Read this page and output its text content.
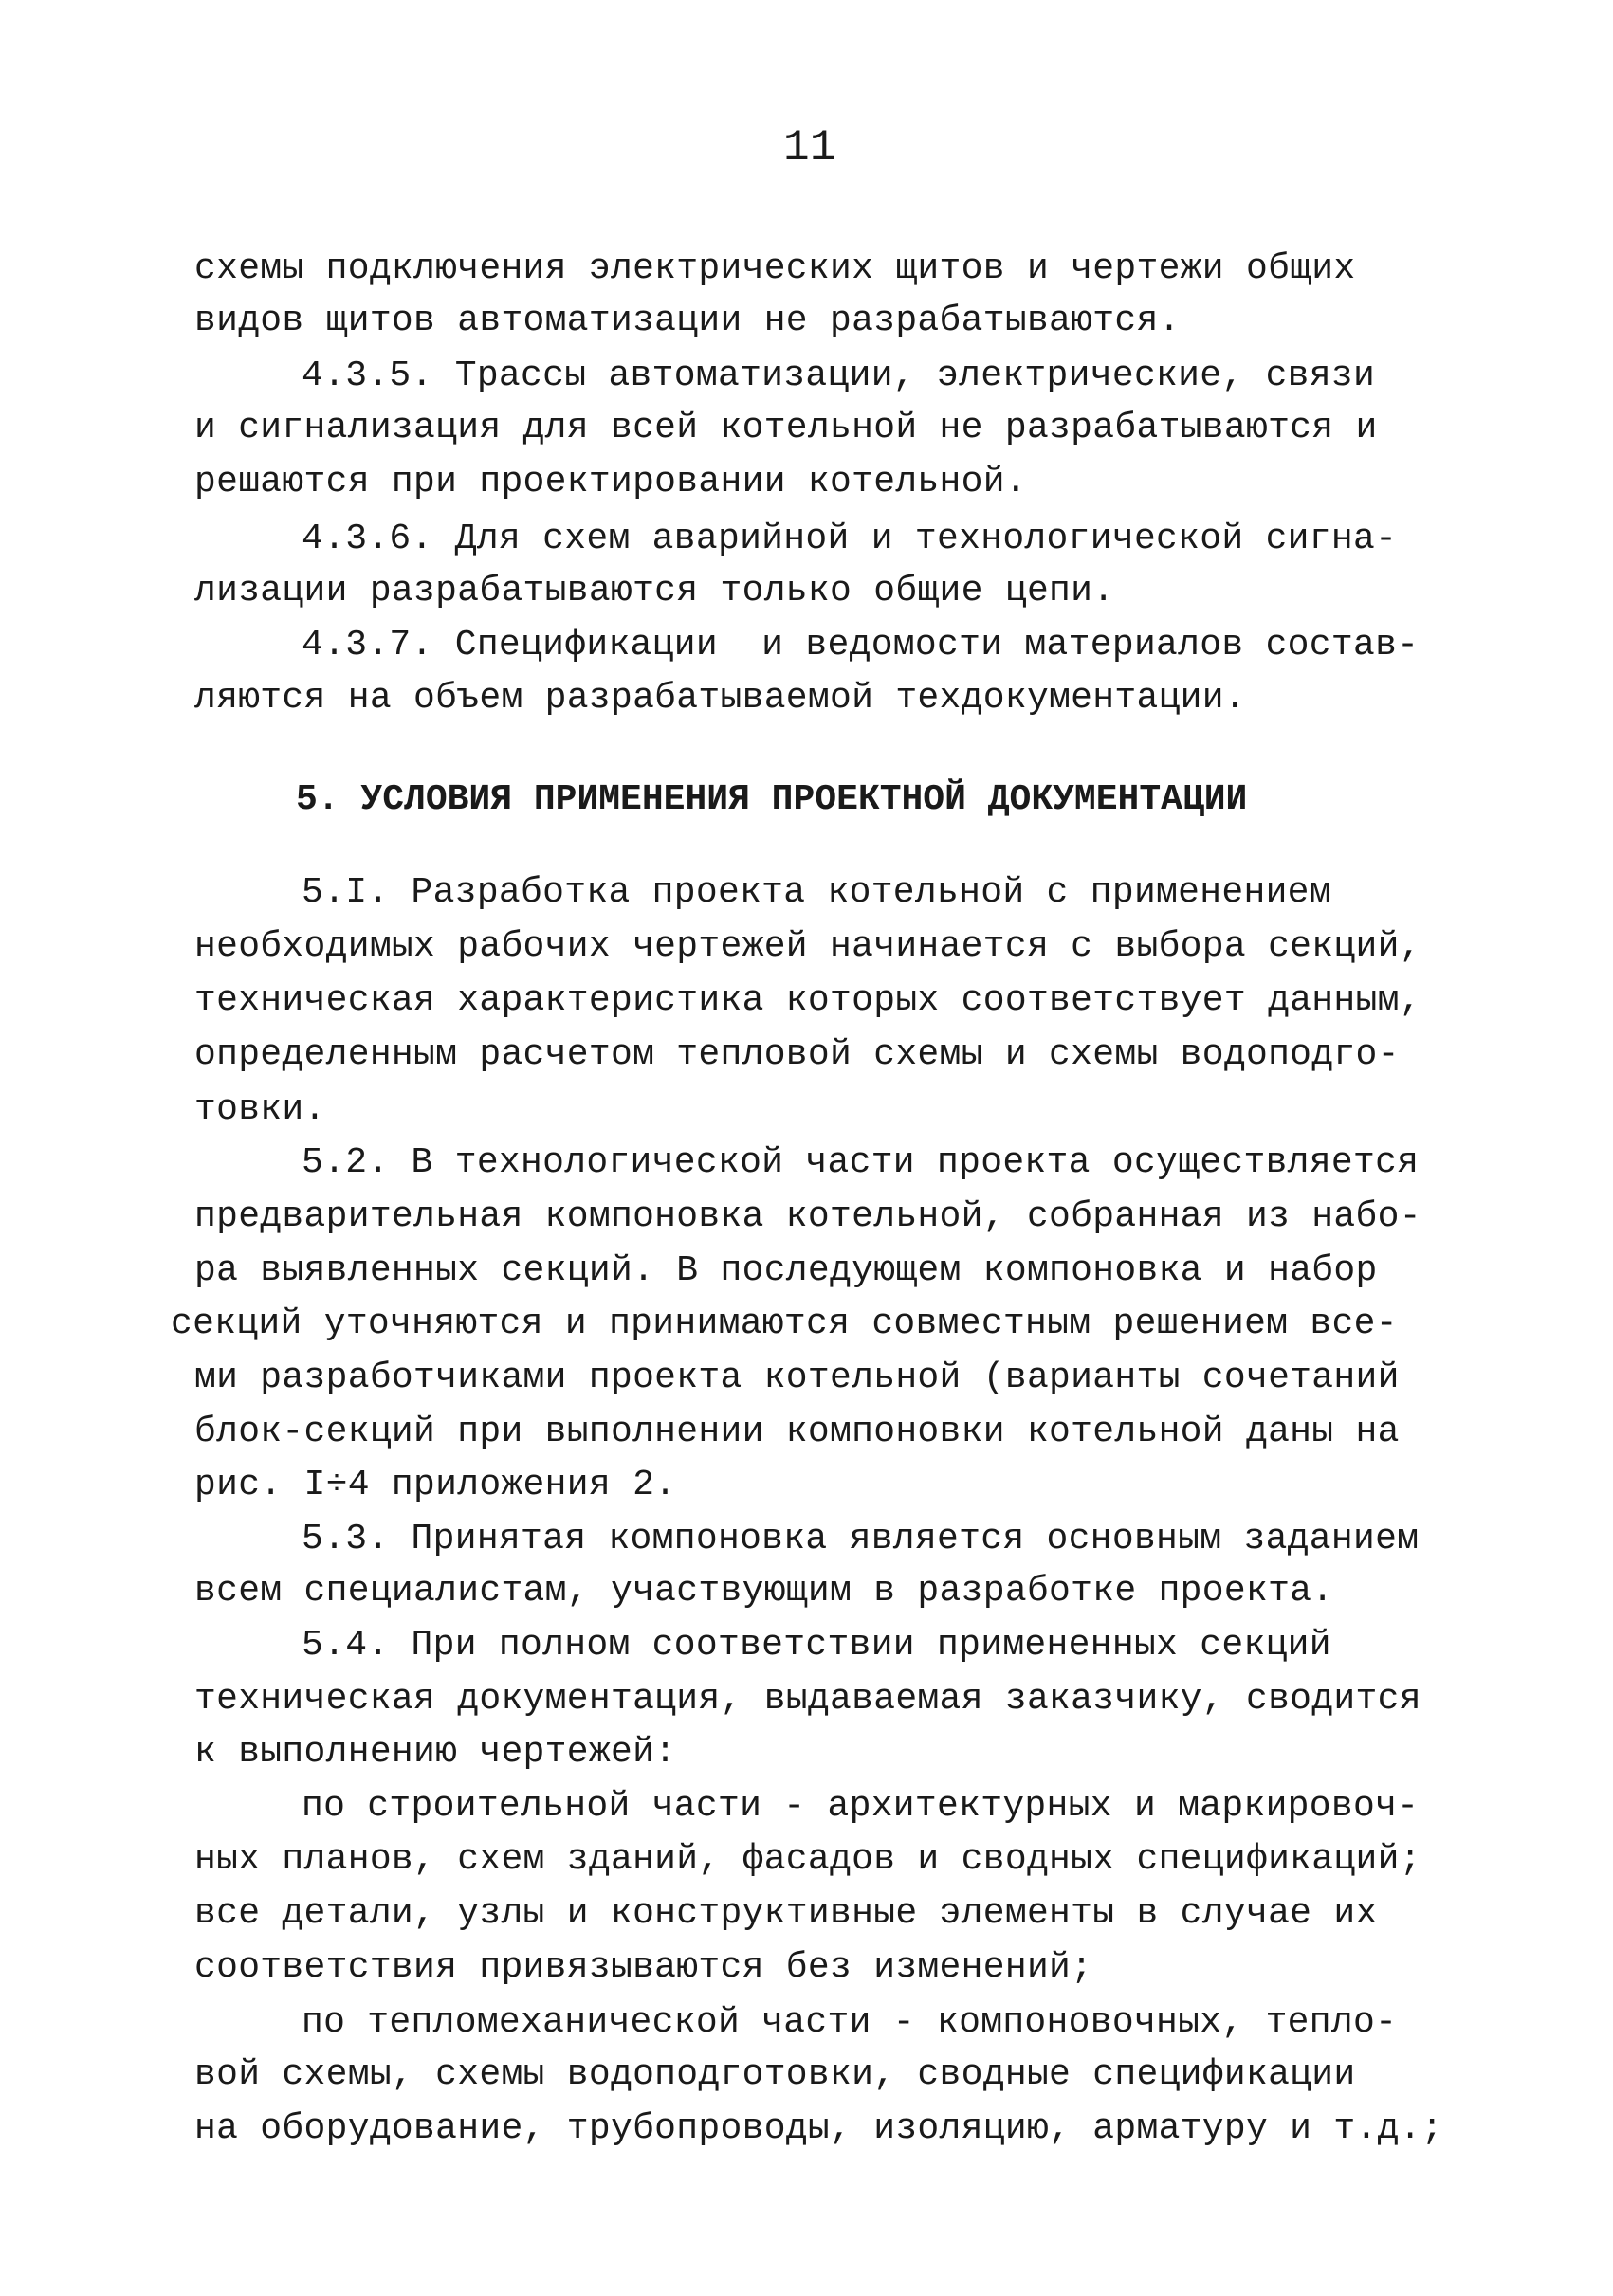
11
схемы подключения электрических щитов и чертежи общих
видов щитов автоматизации не разрабатываются.
4.3.5. Трассы автоматизации, электрические, связи
и сигнализация для всей котельной не разрабатываются и
решаются при проектировании котельной.
4.3.6. Для схем аварийной и технологической сигна-
лизации разрабатываются только общие цепи.
4.3.7. Спецификации  и ведомости материалов состав-
ляются на объем разрабатываемой техдокументации.
5. УСЛОВИЯ ПРИМЕНЕНИЯ ПРОЕКТНОЙ ДОКУМЕНТАЦИИ
5.I. Разработка проекта котельной с применением
необходимых рабочих чертежей начинается с выбора секций,
техническая характеристика которых соответствует данным,
определенным расчетом тепловой схемы и схемы водоподго-
товки.
5.2. В технологической части проекта осуществляется
предварительная компоновка котельной, собранная из набо-
ра выявленных секций. В последующем компоновка и набор
секций уточняются и принимаются совместным решением все-
ми разработчиками проекта котельной (варианты сочетаний
блок-секций при выполнении компоновки котельной даны на
рис. I÷4 приложения 2.
5.3. Принятая компоновка является основным заданием
всем специалистам, участвующим в разработке проекта.
5.4. При полном соответствии примененных секций
техническая документация, выдаваемая заказчику, сводится
к выполнению чертежей:
по строительной части - архитектурных и маркировоч-
ных планов, схем зданий, фасадов и сводных спецификаций;
все детали, узлы и конструктивные элементы в случае их
соответствия привязываются без изменений;
по тепломеханической части - компоновочных, тепло-
вой схемы, схемы водоподготовки, сводные спецификации
на оборудование, трубопроводы, изоляцию, арматуру и т.д.;
